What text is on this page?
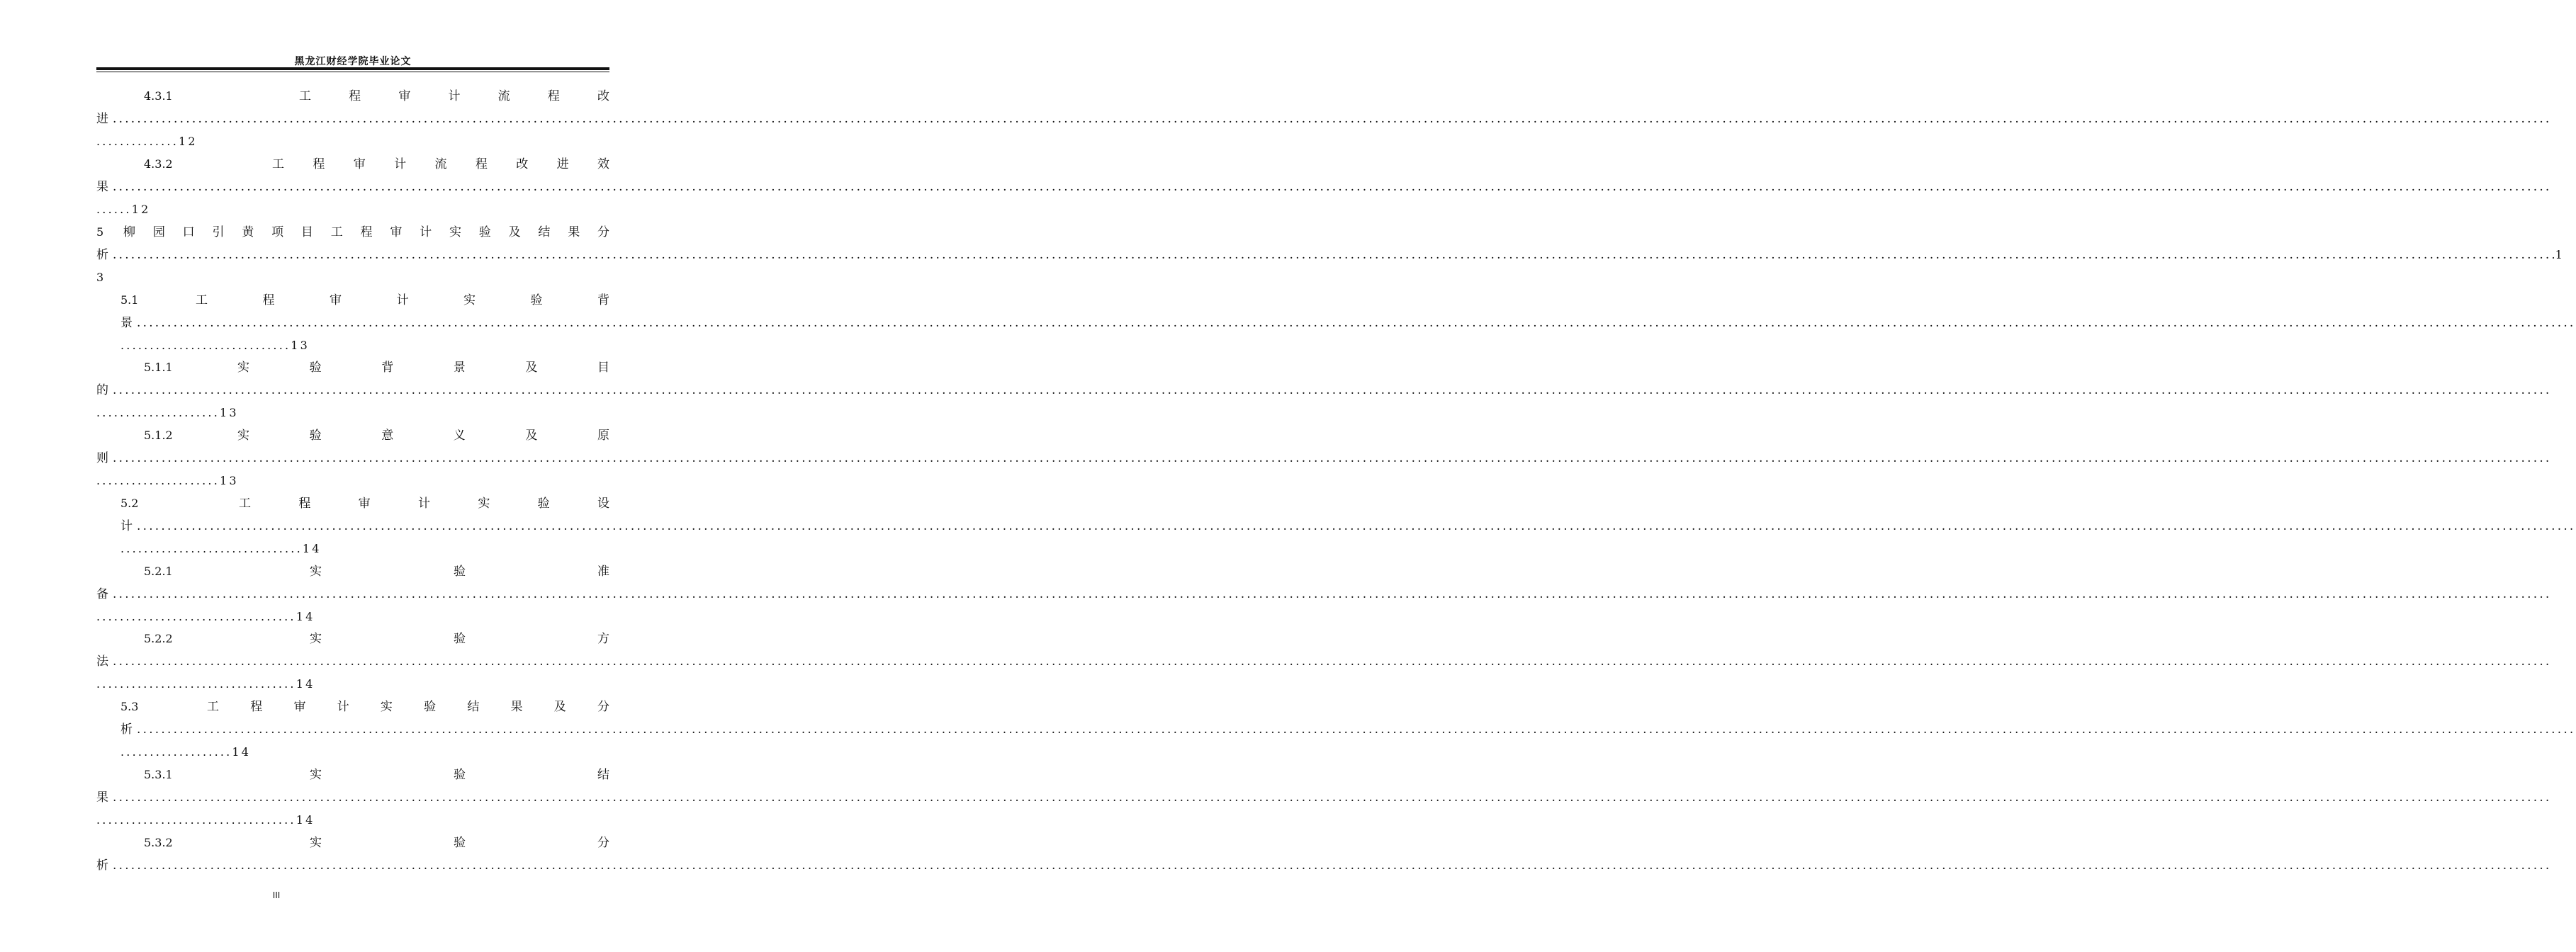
黑龙江财经学院毕业论文
4.3.1	工	程	审	计	流	程	改
进 ................................................................................................................................................................................................................................................................................................................................................................................................................
..............12
4.3.2	工 程 审 计 流 程 改 进 效
果 ................................................................................................................................................................................................................................................................................................................................................................................................................
......12
5 柳 园 口 引 黄 项 目 工 程 审 计 实 验 及 结 果 分
析 ................................................................................................................................................................................................................................................................................................................................................................................................................ .1
3
5.1	工	程	审	计	实	验	背
景 ................................................................................................................................................................................................................................................................................................................................................................................................................
.............................13
5.1.1	实	验	背	景	及	目
的 ................................................................................................................................................................................................................................................................................................................................................................................................................
.....................13
5.1.2	实	验	意	义	及	原
则 ................................................................................................................................................................................................................................................................................................................................................................................................................
.....................13
5.2	工	程	审	计	实	验	设
计 ................................................................................................................................................................................................................................................................................................................................................................................................................
...............................14
5.2.1	实	验	准
备 ................................................................................................................................................................................................................................................................................................................................................................................................................
..................................14
5.2.2	实	验	方
法 ................................................................................................................................................................................................................................................................................................................................................................................................................
..................................14
5.3	工	程	审	计	实	验	结	果	及	分
析 ................................................................................................................................................................................................................................................................................................................................................................................................................
...................14
5.3.1	实	验	结
果 ................................................................................................................................................................................................................................................................................................................................................................................................................
..................................14
5.3.2	实	验	分
析 ................................................................................................................................................................................................................................................................................................................................................................................................................
III
